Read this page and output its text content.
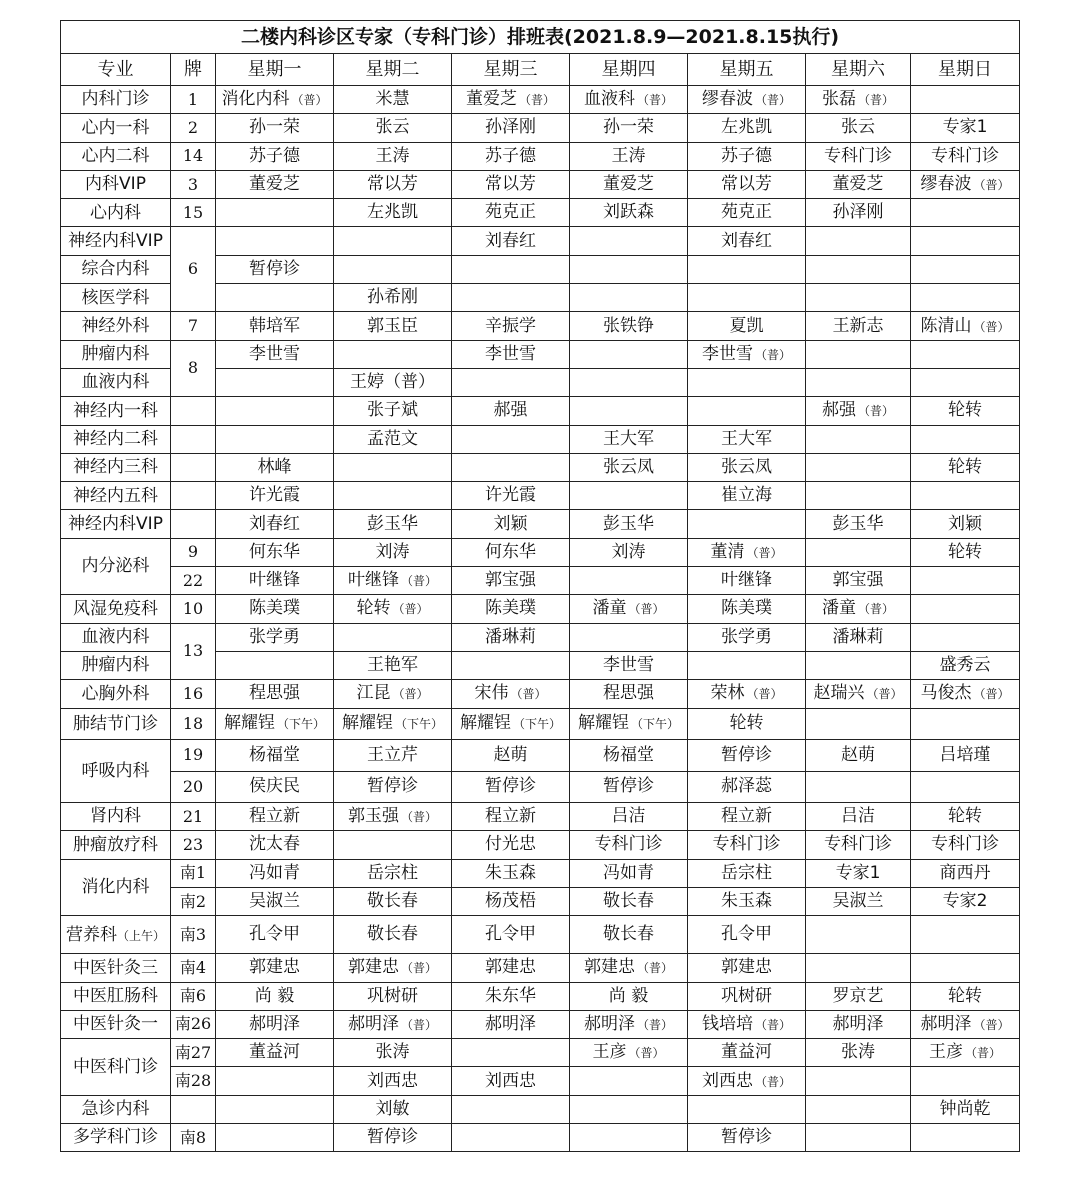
二楼内科诊区专家（专科门诊）排班表(2021.8.9—2021.8.15执行)								
专业	牌	星期一	星期二	星期三	星期四	星期五	星期六	星期日
内科门诊	1	消化内科 （普）	米慧	董爱芝 （普）	血液科 （普）	缪春波 （普）	张磊 （普）	
心内一科	2	孙一荣	张云	孙泽刚	孙一荣	左兆凯	张云	专家1
心内二科	14	苏子德	王涛	苏子德	王涛	苏子德	专科门诊	专科门诊
内科VIP	3	董爱芝	常以芳	常以芳	董爱芝	常以芳	董爱芝	缪春波 （普）
心内科	15		左兆凯	苑克正	刘跃森	苑克正	孙泽刚	
神经内科VIP	6			刘春红		刘春红		
综合内科		暂停诊						
核医学科			孙希刚					
神经外科	7	韩培军	郭玉臣	辛振学	张铁铮	夏凯	王新志	陈清山 （普）
肿瘤内科	8	李世雪		李世雪		李世雪 （普）		
血液内科			王婷（普）					
神经内一科			张子斌	郝强			郝强 （普）	轮转
神经内二科			孟范文		王大军	王大军		
神经内三科		林峰			张云凤	张云凤		轮转
神经内五科		许光霞		许光霞		崔立海		
神经内科VIP		刘春红	彭玉华	刘颖	彭玉华		彭玉华	刘颖
内分泌科	9	何东华	刘涛	何东华	刘涛	董清 （普）		轮转
	22	叶继锋	叶继锋 （普）	郭宝强		叶继锋	郭宝强	
风湿免疫科	10	陈美璞	轮转 （普）	陈美璞	潘童 （普）	陈美璞	潘童 （普）	
血液内科	13	张学勇		潘琳莉		张学勇	潘琳莉	
肿瘤内科			王艳军		李世雪			盛秀云
心胸外科	16	程思强	江昆 （普）	宋伟 （普）	程思强	荣林 （普）	赵瑞兴 （普）	马俊杰 （普）
肺结节门诊	18	解耀锃 （下午）	解耀锃 （下午）	解耀锃 （下午）	解耀锃 （下午）	轮转		
呼吸内科	19	杨福堂	王立芹	赵萌	杨福堂	暂停诊	赵萌	吕培瑾
	20	侯庆民	暂停诊	暂停诊	暂停诊	郝泽蕊		
肾内科	21	程立新	郭玉强 （普）	程立新	吕洁	程立新	吕洁	轮转
肿瘤放疗科	23	沈太春		付光忠	专科门诊	专科门诊	专科门诊	专科门诊
消化内科	南1	冯如青	岳宗柱	朱玉森	冯如青	岳宗柱	专家1	商西丹
	南2	吴淑兰	敬长春	杨茂梧	敬长春	朱玉森	吴淑兰	专家2
营养科（上午）	南3	孔令甲	敬长春	孔令甲	敬长春	孔令甲		
中医针灸三	南4	郭建忠	郭建忠 （普）	郭建忠	郭建忠 （普）	郭建忠		
中医肛肠科	南6	尚 毅	巩树研	朱东华	尚 毅	巩树研	罗京艺	轮转
中医针灸一	南26	郝明泽	郝明泽 （普）	郝明泽	郝明泽 （普）	钱培培 （普）	郝明泽	郝明泽 （普）
中医科门诊	南27	董益河	张涛		王彦 （普）	董益河	张涛	王彦 （普）
	南28		刘西忠	刘西忠		刘西忠 （普）		
急诊内科			刘敏					钟尚乾
多学科门诊	南8		暂停诊			暂停诊		
